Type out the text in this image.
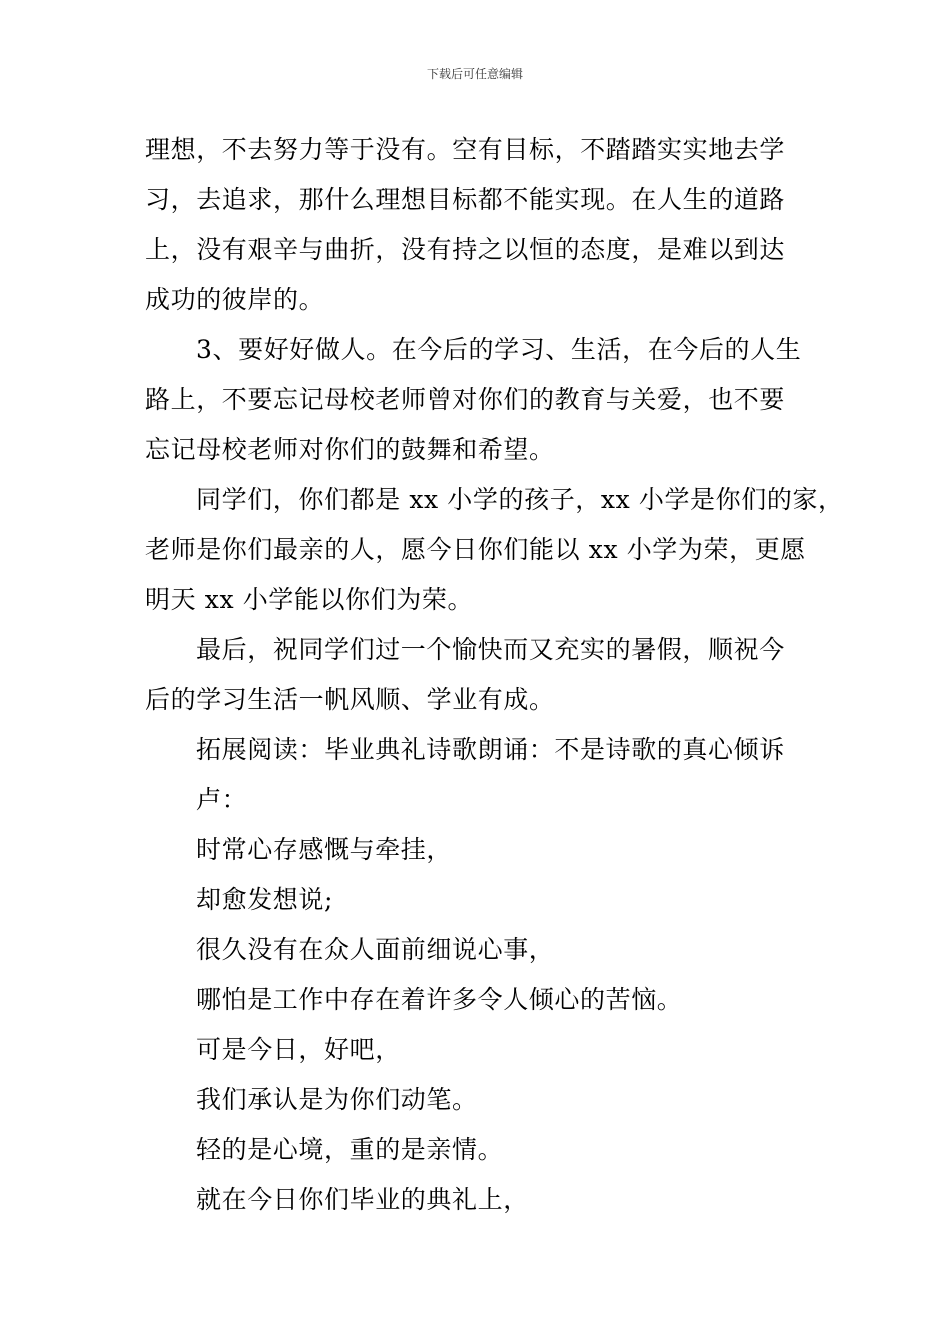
下载后可任意编辑
理想，不去努力等于没有。空有目标，不踏踏实实地去学
习，去追求，那什么理想目标都不能实现。在人生的道路
上，没有艰辛与曲折，没有持之以恒的态度，是难以到达
成功的彼岸的。
3、要好好做人。在今后的学习、生活，在今后的人生
路上，不要忘记母校老师曾对你们的教育与关爱，也不要
忘记母校老师对你们的鼓舞和希望。
同学们，你们都是 xx 小学的孩子，xx 小学是你们的家，
老师是你们最亲的人，愿今日你们能以 xx 小学为荣，更愿
明天 xx 小学能以你们为荣。
最后，祝同学们过一个愉快而又充实的暑假，顺祝今
后的学习生活一帆风顺、学业有成。
拓展阅读：毕业典礼诗歌朗诵：不是诗歌的真心倾诉
卢：
时常心存感慨与牵挂，
却愈发想说;
很久没有在众人面前细说心事，
哪怕是工作中存在着许多令人倾心的苦恼。
可是今日，好吧，
我们承认是为你们动笔。
轻的是心境，重的是亲情。
就在今日你们毕业的典礼上，
